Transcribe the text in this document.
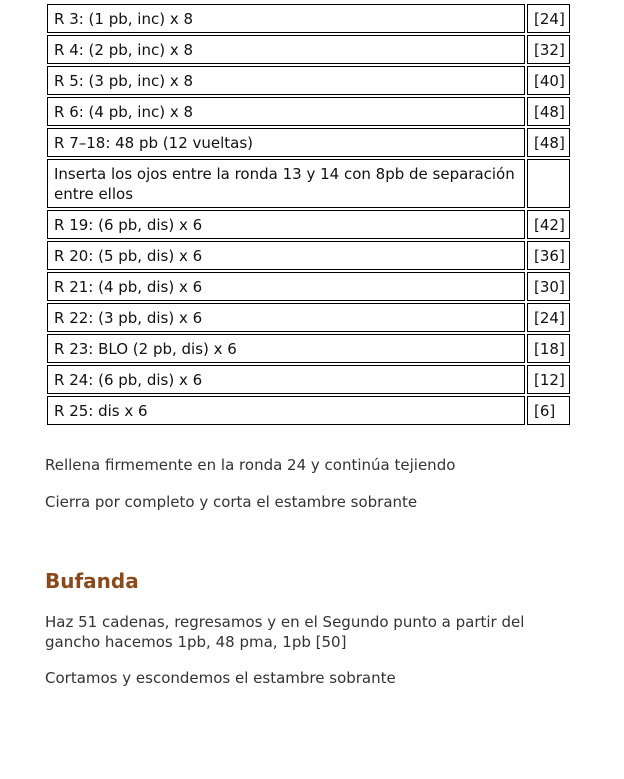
R 3: (1 pb, inc) x 8	[24]
R 4: (2 pb, inc) x 8	[32]
R 5: (3 pb, inc) x 8	[40]
R 6: (4 pb, inc) x 8	[48]
R 7–18: 48 pb (12 vueltas)	[48]
Inserta los ojos entre la ronda 13 y 14 con 8pb de separación entre ellos	
R 19: (6 pb, dis) x 6	[42]
R 20: (5 pb, dis) x 6	[36]
R 21: (4 pb, dis) x 6	[30]
R 22: (3 pb, dis) x 6	[24]
R 23: BLO (2 pb, dis) x 6	[18]
R 24: (6 pb, dis) x 6	[12]
R 25: dis x 6	[6]

Rellena firmemente en la ronda 24 y continúa tejiendo

Cierra por completo y corta el estambre sobrante

Bufanda

Haz 51 cadenas, regresamos y en el Segundo punto a partir del gancho hacemos 1pb, 48 pma, 1pb [50]

Cortamos y escondemos el estambre sobrante
